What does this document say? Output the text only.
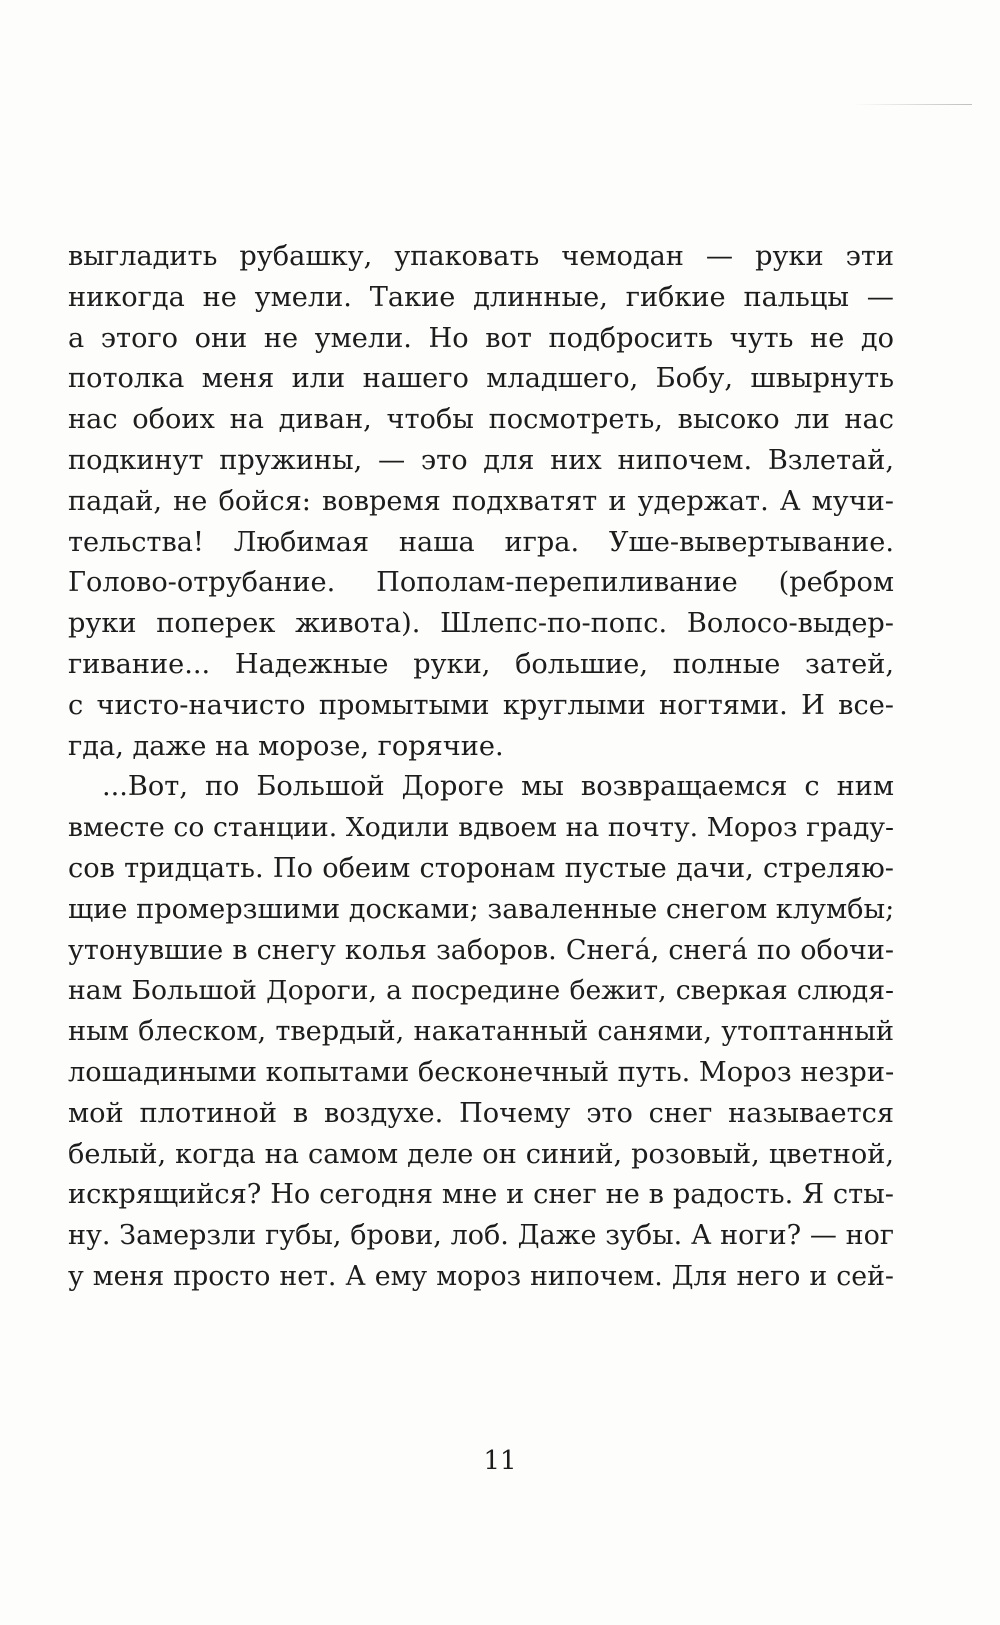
выгладить рубашку, упаковать чемодан — руки эти
никогда не умели. Такие длинные, гибкие пальцы —
а этого они не умели. Но вот подбросить чуть не до
потолка меня или нашего младшего, Бобу, швырнуть
нас обоих на диван, чтобы посмотреть, высоко ли нас
подкинут пружины, — это для них нипочем. Взлетай,
падай, не бойся: вовремя подхватят и удержат. А мучи-
тельства! Любимая наша игра. Уше-вывертывание.
Голово-отрубание. Пополам-перепиливание (ребром
руки поперек живота). Шлепс-по-попс. Волосо-выдер-
гивание... Надежные руки, большие, полные затей,
с чисто-начисто промытыми круглыми ногтями. И все-
гда, даже на морозе, горячие.
...Вот, по Большой Дороге мы возвращаемся с ним
вместе со станции. Ходили вдвоем на почту. Мороз граду-
сов тридцать. По обеим сторонам пустые дачи, стреляю-
щие промерзшими досками; заваленные снегом клумбы;
утонувшие в снегу колья заборов. Снегá, снегá по обочи-
нам Большой Дороги, а посредине бежит, сверкая слюдя-
ным блеском, твердый, накатанный санями, утоптанный
лошадиными копытами бесконечный путь. Мороз незри-
мой плотиной в воздухе. Почему это снег называется
белый, когда на самом деле он синий, розовый, цветной,
искрящийся? Но сегодня мне и снег не в радость. Я сты-
ну. Замерзли губы, брови, лоб. Даже зубы. А ноги? — ног
у меня просто нет. А ему мороз нипочем. Для него и сей-
11
